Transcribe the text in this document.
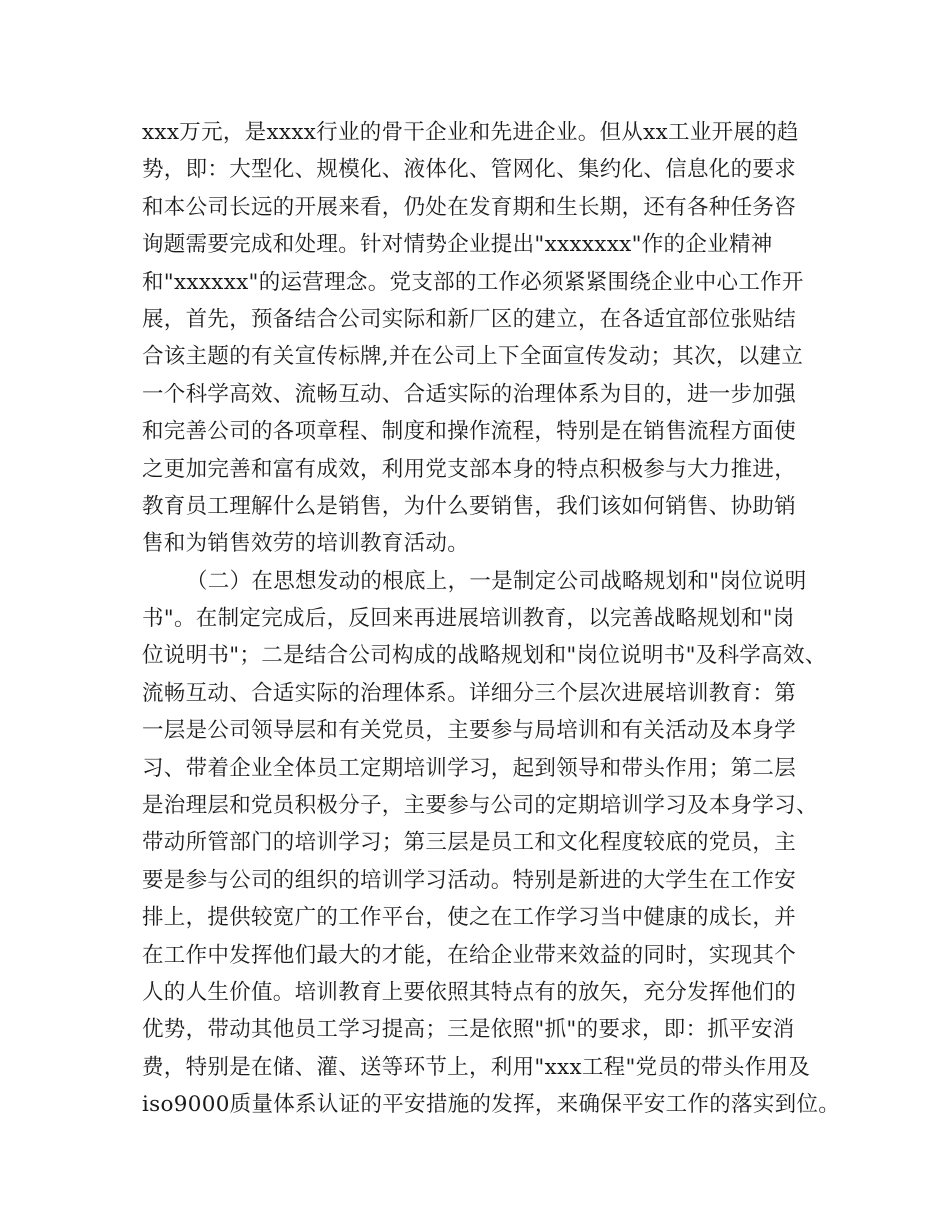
xxx万元，是xxxx行业的骨干企业和先进企业。但从xx工业开展的趋
势，即：大型化、规模化、液体化、管网化、集约化、信息化的要求
和本公司长远的开展来看，仍处在发育期和生长期，还有各种任务咨
询题需要完成和处理。针对情势企业提出"xxxxxxx"作的企业精神
和"xxxxxx"的运营理念。党支部的工作必须紧紧围绕企业中心工作开
展，首先，预备结合公司实际和新厂区的建立，在各适宜部位张贴结
合该主题的有关宣传标牌,并在公司上下全面宣传发动；其次，以建立
一个科学高效、流畅互动、合适实际的治理体系为目的，进一步加强
和完善公司的各项章程、制度和操作流程，特别是在销售流程方面使
之更加完善和富有成效，利用党支部本身的特点积极参与大力推进，
教育员工理解什么是销售，为什么要销售，我们该如何销售、协助销
售和为销售效劳的培训教育活动。
（二）在思想发动的根底上，一是制定公司战略规划和"岗位说明
书"。在制定完成后，反回来再进展培训教育，以完善战略规划和"岗
位说明书"；二是结合公司构成的战略规划和"岗位说明书"及科学高效、
流畅互动、合适实际的治理体系。详细分三个层次进展培训教育：第
一层是公司领导层和有关党员，主要参与局培训和有关活动及本身学
习、带着企业全体员工定期培训学习，起到领导和带头作用；第二层
是治理层和党员积极分子，主要参与公司的定期培训学习及本身学习、
带动所管部门的培训学习；第三层是员工和文化程度较底的党员，主
要是参与公司的组织的培训学习活动。特别是新进的大学生在工作安
排上，提供较宽广的工作平台，使之在工作学习当中健康的成长，并
在工作中发挥他们最大的才能，在给企业带来效益的同时，实现其个
人的人生价值。培训教育上要依照其特点有的放矢，充分发挥他们的
优势，带动其他员工学习提高；三是依照"抓"的要求，即：抓平安消
费，特别是在储、灌、送等环节上，利用"xxx工程"党员的带头作用及
iso9000质量体系认证的平安措施的发挥，来确保平安工作的落实到位。
